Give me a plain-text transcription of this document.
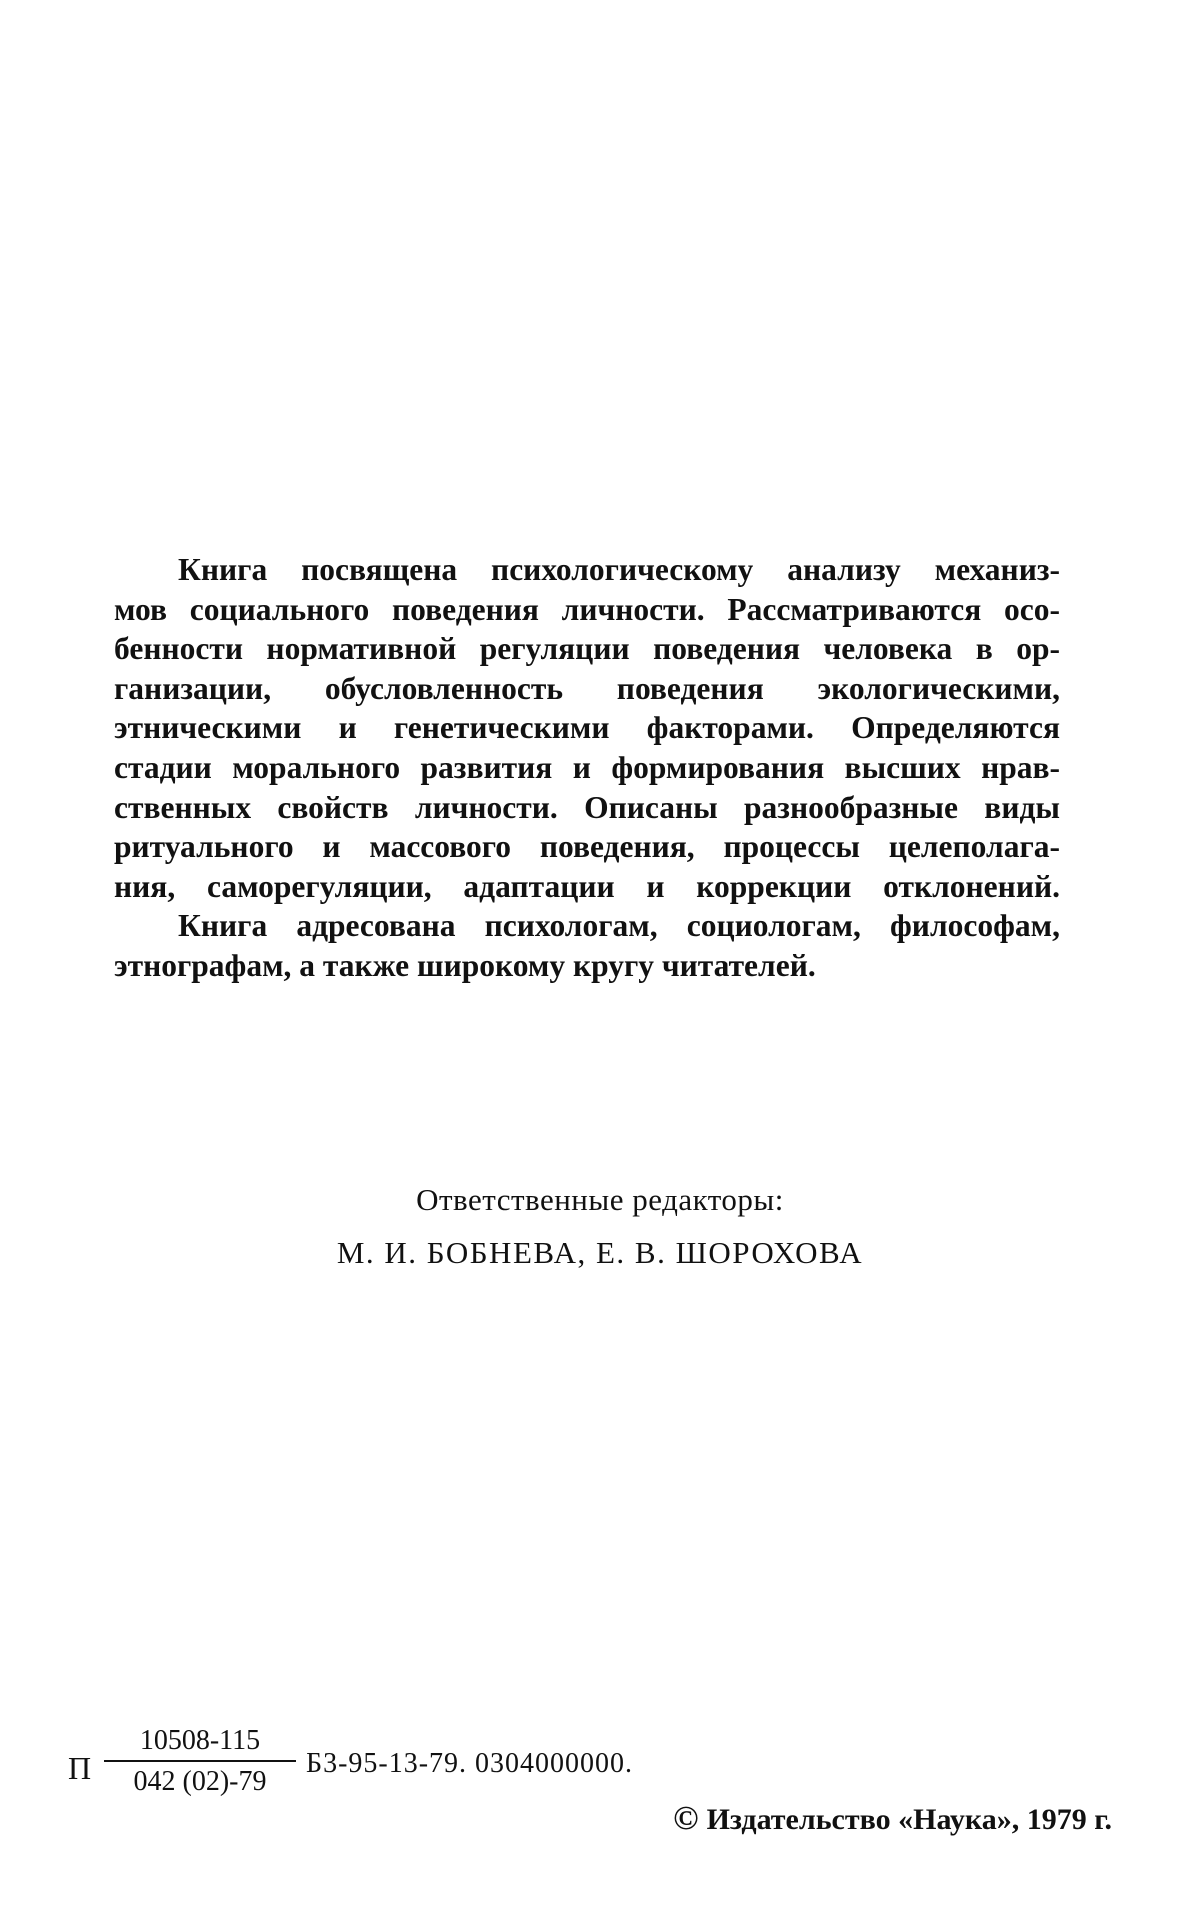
Книга посвящена психологическому анализу механиз-
мов социального поведения личности. Рассматриваются осо-
бенности нормативной регуляции поведения человека в ор-
ганизации, обусловленность поведения экологическими,
этническими и генетическими факторами. Определяются
стадии морального развития и формирования высших нрав-
ственных свойств личности. Описаны разнообразные виды
ритуального и массового поведения, процессы целеполага-
ния, саморегуляции, адаптации и коррекции отклонений.
Книга адресована психологам, социологам, философам,
этнографам, а также широкому кругу читателей.
Ответственные редакторы:
М. И. БОБНЕВА, Е. В. ШОРОХОВА
П $\frac{10508-115}{042 (02)-79} Б3-95-13-79$. 0304000000.
© Издательство «Наука», 1979 г.
